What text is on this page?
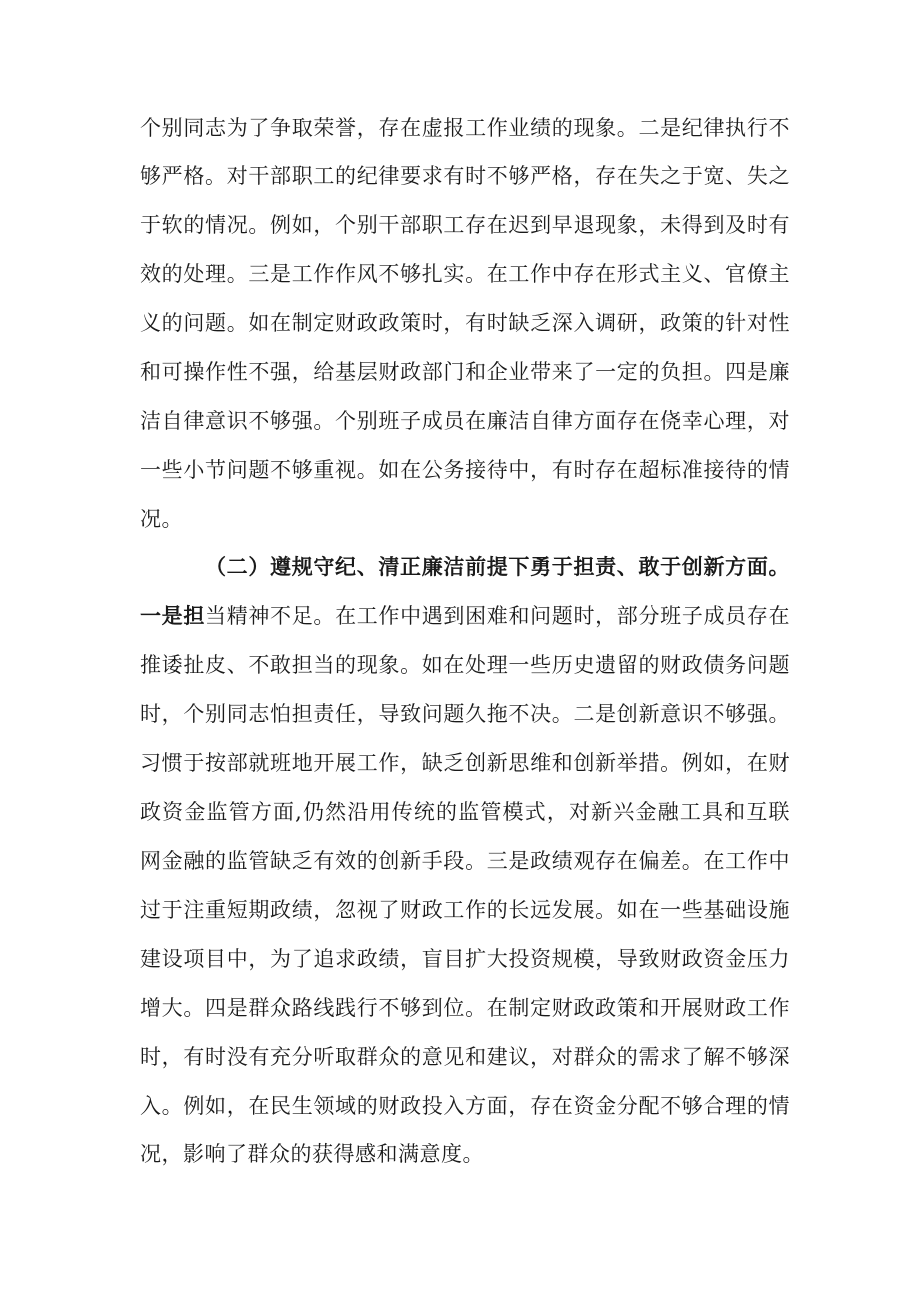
个别同志为了争取荣誉，存在虚报工作业绩的现象。二是纪律执行不
够严格。对干部职工的纪律要求有时不够严格，存在失之于宽、失之
于软的情况。例如，个别干部职工存在迟到早退现象，未得到及时有
效的处理。三是工作作风不够扎实。在工作中存在形式主义、官僚主
义的问题。如在制定财政政策时，有时缺乏深入调研，政策的针对性
和可操作性不强，给基层财政部门和企业带来了一定的负担。四是廉
洁自律意识不够强。个别班子成员在廉洁自律方面存在侥幸心理，对
一些小节问题不够重视。如在公务接待中，有时存在超标准接待的情
况。
（二）遵规守纪、清正廉洁前提下勇于担责、敢于创新方面。
一是担当精神不足。在工作中遇到困难和问题时，部分班子成员存在
推诿扯皮、不敢担当的现象。如在处理一些历史遗留的财政债务问题
时，个别同志怕担责任，导致问题久拖不决。二是创新意识不够强。
习惯于按部就班地开展工作，缺乏创新思维和创新举措。例如，在财
政资金监管方面,仍然沿用传统的监管模式，对新兴金融工具和互联
网金融的监管缺乏有效的创新手段。三是政绩观存在偏差。在工作中
过于注重短期政绩，忽视了财政工作的长远发展。如在一些基础设施
建设项目中，为了追求政绩，盲目扩大投资规模，导致财政资金压力
增大。四是群众路线践行不够到位。在制定财政政策和开展财政工作
时，有时没有充分听取群众的意见和建议，对群众的需求了解不够深
入。例如，在民生领域的财政投入方面，存在资金分配不够合理的情
况，影响了群众的获得感和满意度。
